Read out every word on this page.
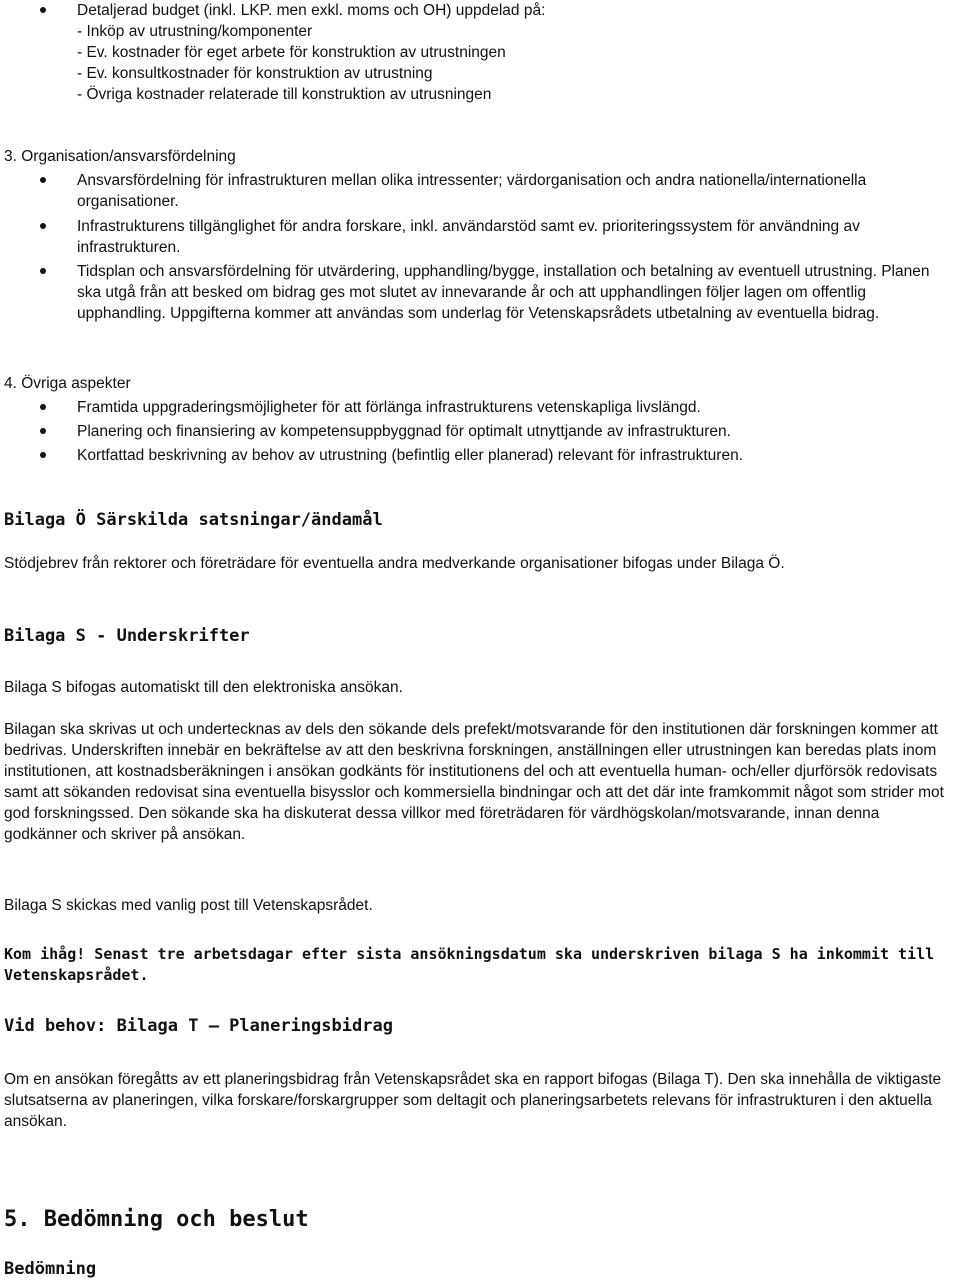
Detaljerad budget (inkl. LKP. men exkl. moms och OH) uppdelad på:
- Inköp av utrustning/komponenter
- Ev. kostnader för eget arbete för konstruktion av utrustningen
- Ev. konsultkostnader för konstruktion av utrustning
- Övriga kostnader relaterade till konstruktion av utrusningen
3. Organisation/ansvarsfördelning
Ansvarsfördelning för infrastrukturen mellan olika intressenter; värdorganisation och andra nationella/internationella organisationer.
Infrastrukturens tillgänglighet för andra forskare, inkl. användarstöd samt ev. prioriteringssystem för användning av infrastrukturen.
Tidsplan och ansvarsfördelning för utvärdering, upphandling/bygge, installation och betalning av eventuell utrustning. Planen ska utgå från att besked om bidrag ges mot slutet av innevarande år och att upphandlingen följer lagen om offentlig upphandling. Uppgifterna kommer att användas som underlag för Vetenskapsrådets utbetalning av eventuella bidrag.
4. Övriga aspekter
Framtida uppgraderingsmöjligheter för att förlänga infrastrukturens vetenskapliga livslängd.
Planering och finansiering av kompetensuppbyggnad för optimalt utnyttjande av infrastrukturen.
Kortfattad beskrivning av behov av utrustning (befintlig eller planerad) relevant för infrastrukturen.
Bilaga Ö Särskilda satsningar/ändamål
Stödjebrev från rektorer och företrädare för eventuella andra medverkande organisationer bifogas under Bilaga Ö.
Bilaga S - Underskrifter
Bilaga S bifogas automatiskt till den elektroniska ansökan.
Bilagan ska skrivas ut och undertecknas av dels den sökande dels prefekt/motsvarande för den institutionen där forskningen kommer att bedrivas. Underskriften innebär en bekräftelse av att den beskrivna forskningen, anställningen eller utrustningen kan beredas plats inom institutionen, att kostnadsberäkningen i ansökan godkänts för institutionens del och att eventuella human- och/eller djurförsök redovisats samt att sökanden redovisat sina eventuella bisysslor och kommersiella bindningar och att det där inte framkommit något som strider mot god forskningssed. Den sökande ska ha diskuterat dessa villkor med företrädaren för värdhögskolan/motsvarande, innan denna godkänner och skriver på ansökan.
Bilaga S skickas med vanlig post till Vetenskapsrådet.
Kom ihåg! Senast tre arbetsdagar efter sista ansökningsdatum ska underskriven bilaga S ha inkommit till Vetenskapsrådet.
Vid behov: Bilaga T — Planeringsbidrag
Om en ansökan föregåtts av ett planeringsbidrag från Vetenskapsrådet ska en rapport bifogas (Bilaga T). Den ska innehålla de viktigaste slutsatserna av planeringen, vilka forskare/forskargrupper som deltagit och planeringsarbetets relevans för infrastrukturen i den aktuella ansökan.
5. Bedömning och beslut
Bedömning
